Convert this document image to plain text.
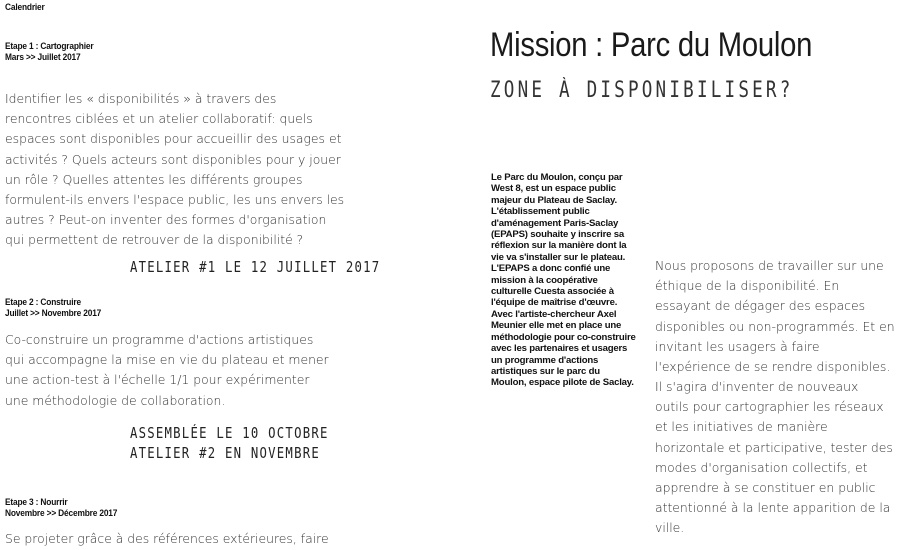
Calendrier
Etape 1 : Cartographier
Mars >> Juillet 2017
Identifier les « disponibilités » à travers des rencontres ciblées et un atelier collaboratif: quels espaces sont disponibles pour accueillir des usages et activités ? Quels acteurs sont disponibles pour y jouer un rôle ? Quelles attentes les différents groupes formulent-ils envers l'espace public, les uns envers les autres ? Peut-on inventer des formes d'organisation qui permettent de retrouver de la disponibilité ?
ATELIER #1 LE 12 JUILLET 2017
Etape 2 : Construire
Juillet >> Novembre 2017
Co-construire un programme d'actions artistiques qui accompagne la mise en vie du plateau et mener une action-test à l'échelle 1/1 pour expérimenter une méthodologie de collaboration.
ASSEMBLÉE LE 10 OCTOBRE
ATELIER #2 EN NOVEMBRE
Etape 3 : Nourrir
Novembre >> Décembre 2017
Se projeter grâce à des références extérieures, faire
Mission : Parc du Moulon
ZONE À DISPONIBILISER?
Le Parc du Moulon, conçu par West 8, est un espace public majeur du Plateau de Saclay. L'établissement public d'aménagement Paris-Saclay (EPAPS) souhaite y inscrire sa réflexion sur la manière dont la vie va s'installer sur le plateau. L'EPAPS a donc confié une mission à la coopérative culturelle Cuesta associée à l'équipe de maîtrise d'œuvre. Avec l'artiste-chercheur Axel Meunier elle met en place une méthodologie pour co-construire avec les partenaires et usagers un programme d'actions artistiques sur le parc du Moulon, espace pilote de Saclay.
Nous proposons de travailler sur une éthique de la disponibilité. En essayant de dégager des espaces disponibles ou non-programmés. Et en invitant les usagers à faire l'expérience de se rendre disponibles.
Il s'agira d'inventer de nouveaux outils pour cartographier les réseaux et les initiatives de manière horizontale et participative, tester des modes d'organisation collectifs, et apprendre à se constituer en public attentionné à la lente apparition de la ville.
